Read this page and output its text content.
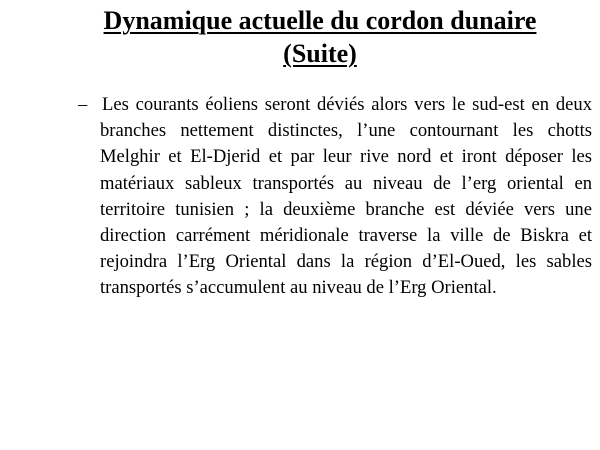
Dynamique actuelle du cordon dunaire
(Suite)
– Les courants éoliens seront déviés alors vers le sud-est en deux branches nettement distinctes, l’une contournant les chotts Melghir et El-Djerid et par leur rive nord et iront déposer les matériaux sableux transportés au niveau de l’erg oriental en territoire tunisien ; la deuxième branche est déviée vers une direction carrément méridionale traverse la ville de Biskra et rejoindra l’Erg Oriental dans la région d’El-Oued, les sables transportés s’accumulent au niveau de l’Erg Oriental.
